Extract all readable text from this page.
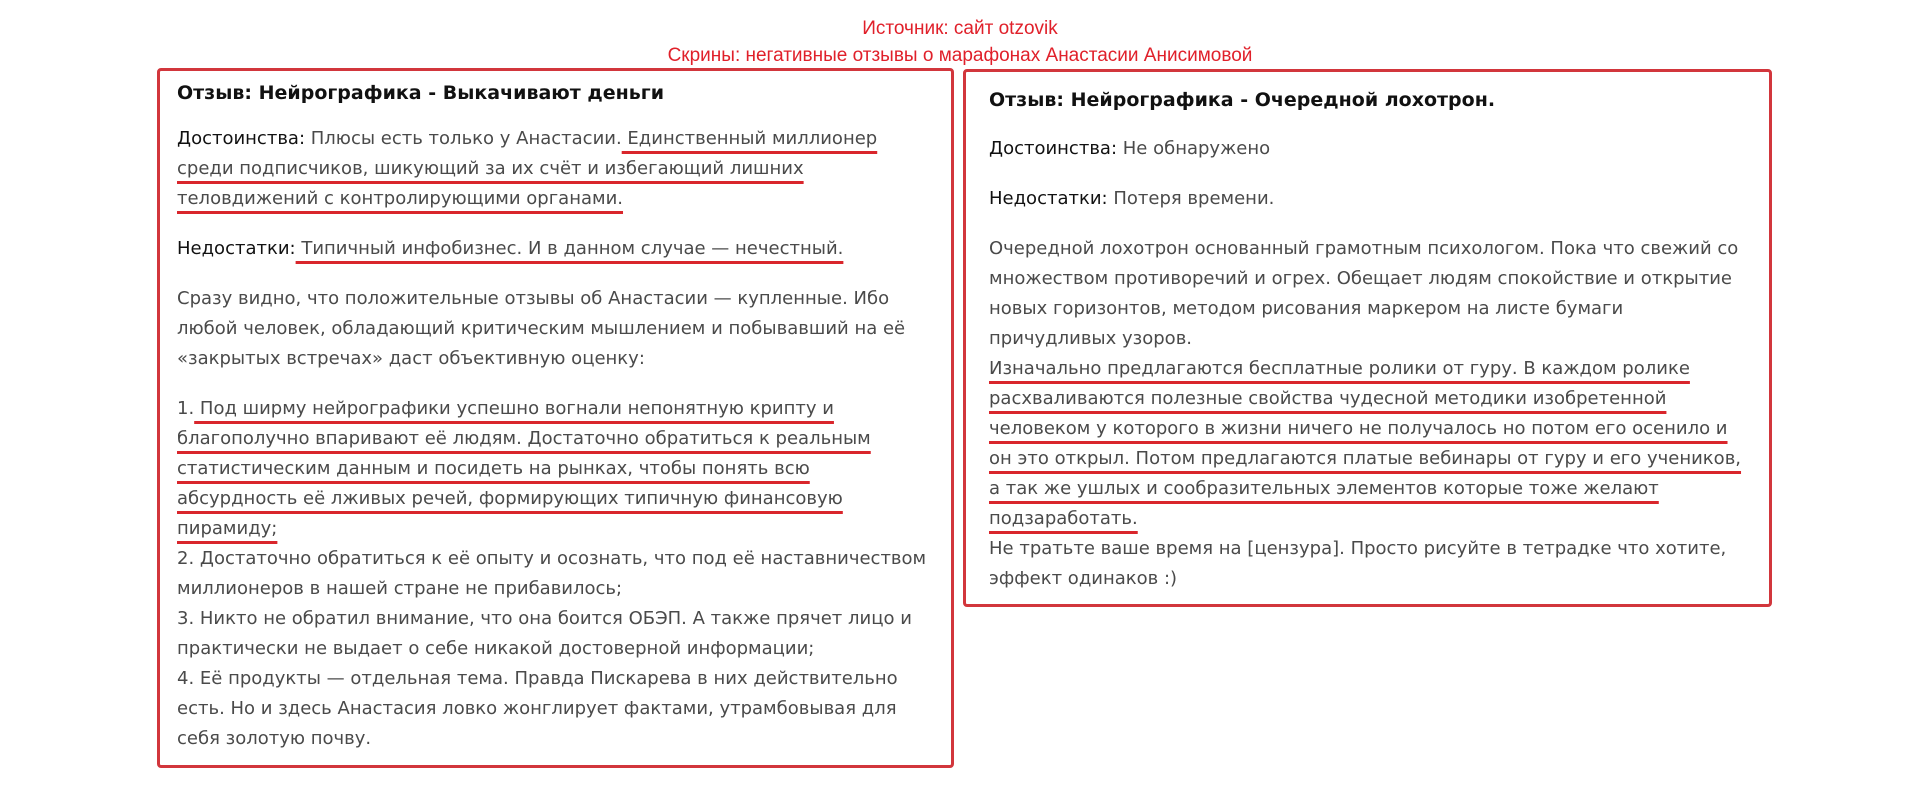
Источник: сайт otzovik
Скрины: негативные отзывы о марафонах Анастасии Анисимовой
Отзыв: Нейрографика - Выкачивают деньги

Достоинства: Плюсы есть только у Анастасии. Единственный миллионер среди подписчиков, шикующий за их счёт и избегающий лишних теловдижений с контролирующими органами.

Недостатки: Типичный инфобизнес. И в данном случае — нечестный.

Сразу видно, что положительные отзывы об Анастасии — купленные. Ибо любой человек, обладающий критическим мышлением и побывавший на её «закрытых встречах» даст объективную оценку:

1. Под ширму нейрографики успешно вогнали непонятную крипту и благополучно впаривают её людям. Достаточно обратиться к реальным статистическим данным и посидеть на рынках, чтобы понять всю абсурдность её лживых речей, формирующих типичную финансовую пирамиду;

2. Достаточно обратиться к её опыту и осознать, что под её наставничеством миллионеров в нашей стране не прибавилось;

3. Никто не обратил внимание, что она боится ОБЭП. А также прячет лицо и практически не выдает о себе никакой достоверной информации;

4. Её продукты — отдельная тема. Правда Пискарева в них действительно есть. Но и здесь Анастасия ловко жонглирует фактами, утрамбовывая для себя золотую почву.

Отзыв: Нейрографика - Очередной лохотрон.

Достоинства: Не обнаружено

Недостатки: Потеря времени.

Очередной лохотрон основанный грамотным психологом. Пока что свежий со множеством противоречий и огрех. Обещает людям спокойствие и открытие новых горизонтов, методом рисования маркером на листе бумаги причудливых узоров.
Изначально предлагаются бесплатные ролики от гуру. В каждом ролике расхваливаются полезные свойства чудесной методики изобретенной человеком у которого в жизни ничего не получалось но потом его осенило и он это открыл. Потом предлагаются платые вебинары от гуру и его учеников, а так же ушлых и сообразительных элементов которые тоже желают подзаработать.
Не тратьте ваше время на [цензура]. Просто рисуйте в тетрадке что хотите, эффект одинаков :)
